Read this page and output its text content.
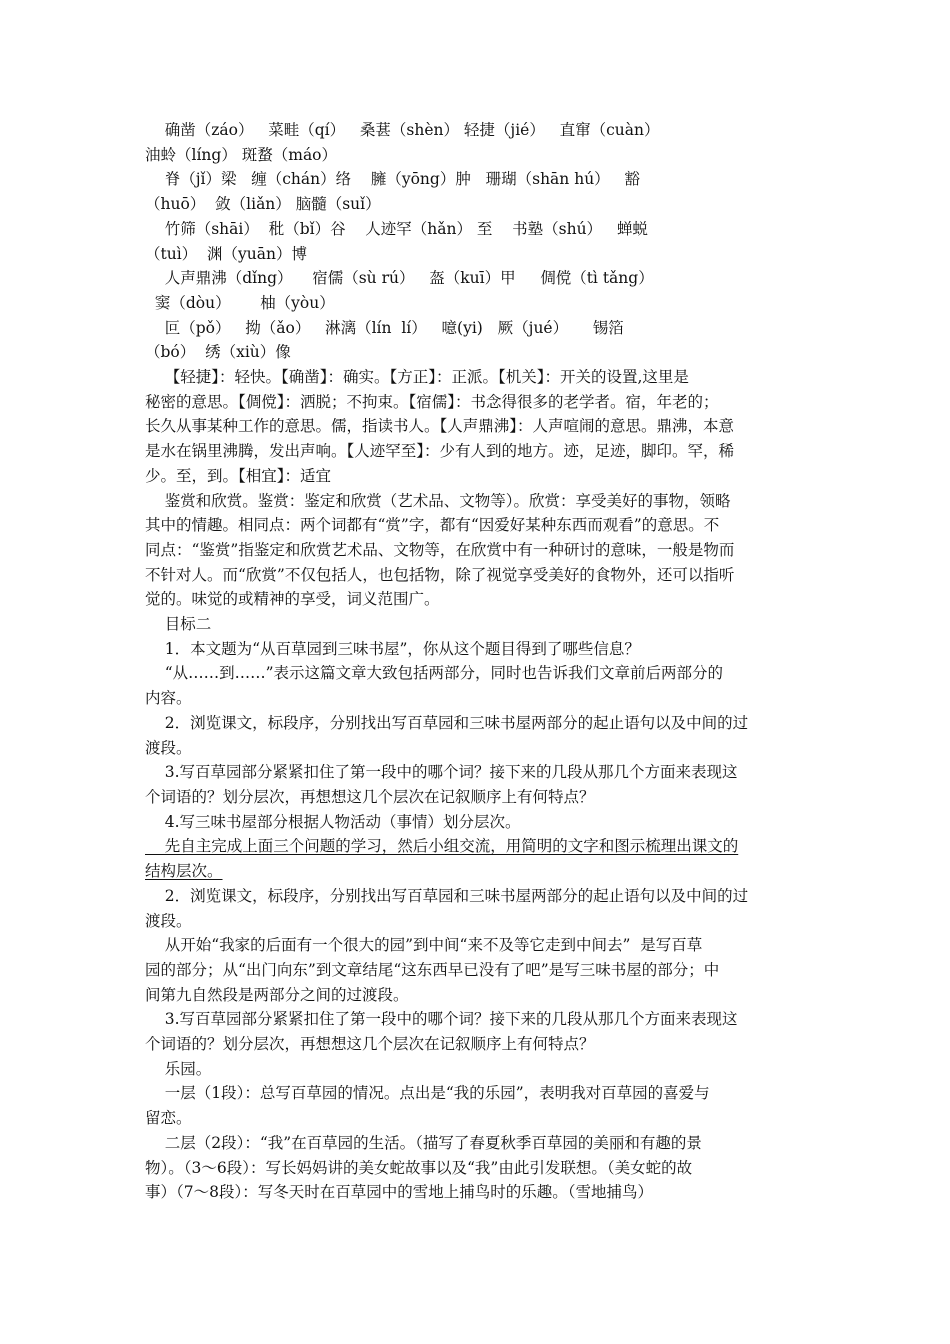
确凿（záo）   菜畦（qí）   桑葚（shèn） 轻捷（jié）   直窜（cuàn）

油蛉（líng） 斑蝥（máo）

脊（jǐ）梁   缠（chán）络    臃（yōng）肿   珊瑚（shān hú）   豁

（huō）  敛（liǎn） 脑髓（suǐ）

竹筛（shāi）  秕（bǐ）谷    人迹罕（hǎn） 至    书塾（shú）   蝉蜕

（tuì）  渊（yuān）博

人声鼎沸（dǐng）    宿儒（sù rú）   盔（kuī）甲     倜傥（tì tǎng）

窦（dòu）      柚（yòu）

叵（pǒ）   拗（ǎo）   淋漓（lín  lí）   噫(yi)   厥（jué）     锡箔

（bó）  绣（xiù）像

【轻捷】：轻快。【确凿】：确实。【方正】：正派。【机关】：开关的设置,这里是

秘密的意思。【倜傥】：洒脱；不拘束。【宿儒】：书念得很多的老学者。宿，年老的；

长久从事某种工作的意思。儒，指读书人。【人声鼎沸】：人声喧闹的意思。鼎沸，本意

是水在锅里沸腾，发出声响。【人迹罕至】：少有人到的地方。迹，足迹，脚印。罕，稀

少。至，到。【相宜】：适宜

鉴赏和欣赏。鉴赏：鉴定和欣赏（艺术品、文物等）。欣赏：享受美好的事物，领略

其中的情趣。相同点：两个词都有“赏”字，都有“因爱好某种东西而观看”的意思。不

同点：“鉴赏”指鉴定和欣赏艺术品、文物等，在欣赏中有一种研讨的意味，一般是物而

不针对人。而“欣赏”不仅包括人，也包括物，除了视觉享受美好的食物外，还可以指听

觉的。味觉的或精神的享受，词义范围广。

目标二

1．本文题为“从百草园到三味书屋”，你从这个题目得到了哪些信息？

“从……到……”表示这篇文章大致包括两部分，同时也告诉我们文章前后两部分的

内容。

2．浏览课文，标段序，分别找出写百草园和三味书屋两部分的起止语句以及中间的过

渡段。

3.写百草园部分紧紧扣住了第一段中的哪个词？接下来的几段从那几个方面来表现这

个词语的？划分层次，再想想这几个层次在记叙顺序上有何特点？

4.写三味书屋部分根据人物活动（事情）划分层次。

先自主完成上面三个问题的学习，然后小组交流，用简明的文字和图示梳理出课文的

结构层次。

2．浏览课文，标段序，分别找出写百草园和三味书屋两部分的起止语句以及中间的过

渡段。

从开始“我家的后面有一个很大的园”到中间“来不及等它走到中间去”  是写百草

园的部分；从“出门向东”到文章结尾“这东西早已没有了吧”是写三味书屋的部分；中

间第九自然段是两部分之间的过渡段。

3.写百草园部分紧紧扣住了第一段中的哪个词？接下来的几段从那几个方面来表现这

个词语的？划分层次，再想想这几个层次在记叙顺序上有何特点？

乐园。

一层（1段）：总写百草园的情况。点出是“我的乐园”，表明我对百草园的喜爱与

留恋。

二层（2段）：“我”在百草园的生活。（描写了春夏秋季百草园的美丽和有趣的景

物）。（3～6段）：写长妈妈讲的美女蛇故事以及“我”由此引发联想。（美女蛇的故

事）（7～8段）：写冬天时在百草园中的雪地上捕鸟时的乐趣。（雪地捕鸟）
